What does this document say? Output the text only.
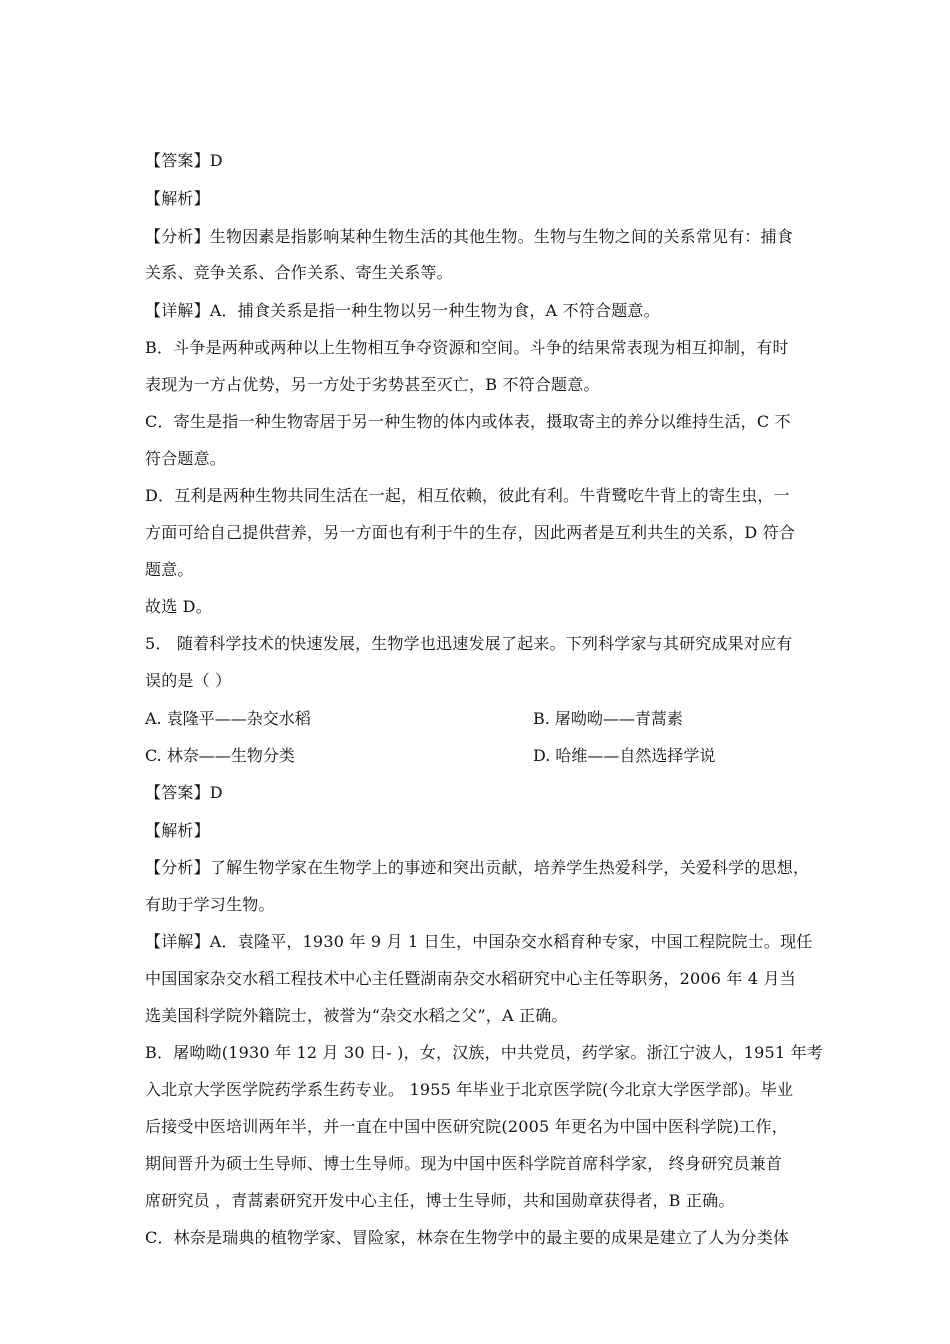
【答案】D
【解析】
【分析】生物因素是指影响某种生物生活的其他生物。生物与生物之间的关系常见有：捕食
关系、竞争关系、合作关系、寄生关系等。
【详解】A．捕食关系是指一种生物以另一种生物为食，A 不符合题意。
B．斗争是两种或两种以上生物相互争夺资源和空间。斗争的结果常表现为相互抑制，有时
表现为一方占优势，另一方处于劣势甚至灭亡，B 不符合题意。
C．寄生是指一种生物寄居于另一种生物的体内或体表，摄取寄主的养分以维持生活，C 不
符合题意。
D．互利是两种生物共同生活在一起，相互依赖，彼此有利。牛背鹭吃牛背上的寄生虫，一
方面可给自己提供营养，另一方面也有利于牛的生存，因此两者是互利共生的关系，D 符合
题意。
故选 D。
5． 随着科学技术的快速发展，生物学也迅速发展了起来。下列科学家与其研究成果对应有
误的是（ ）
A. 袁隆平——杂交水稻	B. 屠呦呦——青蒿素
C. 林奈——生物分类	D. 哈维——自然选择学说
【答案】D
【解析】
【分析】了解生物学家在生物学上的事迹和突出贡献，培养学生热爱科学，关爱科学的思想，
有助于学习生物。
【详解】A．袁隆平，1930 年 9 月 1 日生，中国杂交水稻育种专家，中国工程院院士。现任
中国国家杂交水稻工程技术中心主任暨湖南杂交水稻研究中心主任等职务，2006 年 4 月当
选美国科学院外籍院士，被誉为“杂交水稻之父”，A 正确。
B．屠呦呦(1930 年 12 月 30 日- )，女，汉族，中共党员，药学家。浙江宁波人，1951 年考
入北京大学医学院药学系生药专业。 1955 年毕业于北京医学院(今北京大学医学部)。毕业
后接受中医培训两年半，并一直在中国中医研究院(2005 年更名为中国中医科学院)工作，
期间晋升为硕士生导师、博士生导师。现为中国中医科学院首席科学家， 终身研究员兼首
席研究员 ，青蒿素研究开发中心主任，博士生导师，共和国勋章获得者，B 正确。
C．林奈是瑞典的植物学家、冒险家，林奈在生物学中的最主要的成果是建立了人为分类体
